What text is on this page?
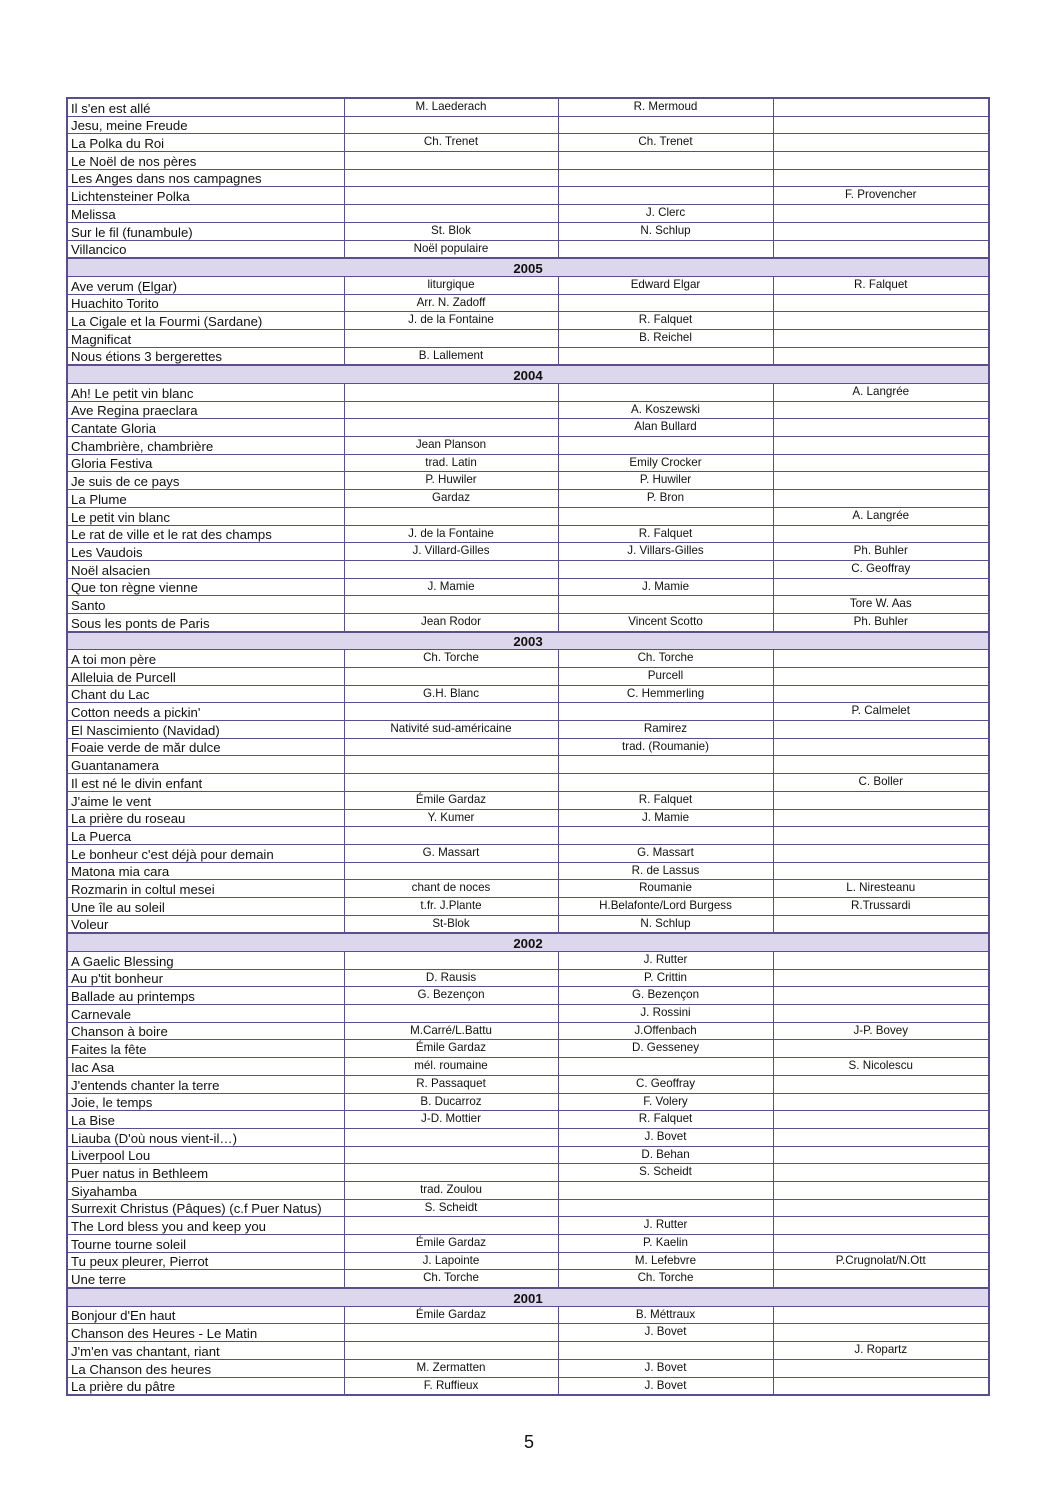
Il s'en est allé	M. Laederach	R. Mermoud	
Jesu, meine Freude			
La Polka du Roi	Ch. Trenet	Ch. Trenet	
Le Noël de nos pères			
Les Anges dans nos campagnes			
Lichtensteiner Polka			F. Provencher
Melissa		J. Clerc	
Sur le fil (funambule)	St. Blok	N. Schlup	
Villancico	Noël populaire		
2005			
Ave verum (Elgar)	liturgique	Edward Elgar	R. Falquet
Huachito Torito	Arr. N. Zadoff		
La Cigale et la Fourmi (Sardane)	J. de la Fontaine	R. Falquet	
Magnificat		B. Reichel	
Nous étions 3 bergerettes	B. Lallement		
2004			
Ah! Le petit vin blanc			A. Langrée
Ave Regina praeclara		A. Koszewski	
Cantate Gloria		Alan Bullard	
Chambrière, chambrière	Jean Planson		
Gloria Festiva	trad. Latin	Emily Crocker	
Je suis de ce pays	P. Huwiler	P. Huwiler	
La Plume	Gardaz	P. Bron	
Le petit vin blanc			A. Langrée
Le rat de ville et le rat des champs	J. de la Fontaine	R. Falquet	
Les Vaudois	J. Villard-Gilles	J. Villars-Gilles	Ph. Buhler
Noël alsacien			C. Geoffray
Que ton règne vienne	J. Mamie	J. Mamie	
Santo			Tore W. Aas
Sous les ponts de Paris	Jean Rodor	Vincent Scotto	Ph. Buhler
2003			
A toi mon père	Ch. Torche	Ch. Torche	
Alleluia de Purcell		Purcell	
Chant du Lac	G.H. Blanc	C. Hemmerling	
Cotton needs a pickin'			P. Calmelet
El Nascimiento (Navidad)	Nativité sud-américaine	Ramirez	
Foaie verde de măr dulce		trad. (Roumanie)	
Guantanamera			
Il est né le divin enfant			C. Boller
J'aime le vent	Émile Gardaz	R. Falquet	
La prière du roseau	Y. Kumer	J. Mamie	
La Puerca			
Le bonheur c'est déjà pour demain	G. Massart	G. Massart	
Matona mia cara		R. de Lassus	
Rozmarin in coltul mesei	chant de noces	Roumanie	L. Niresteanu
Une île au soleil	t.fr. J.Plante	H.Belafonte/Lord Burgess	R.Trussardi
Voleur	St-Blok	N. Schlup	
2002			
A Gaelic Blessing		J. Rutter	
Au p'tit bonheur	D. Rausis	P. Crittin	
Ballade au printemps	G. Bezençon	G. Bezençon	
Carnevale		J. Rossini	
Chanson à boire	M.Carré/L.Battu	J.Offenbach	J-P. Bovey
Faites la fête	Émile Gardaz	D. Gesseney	
Iac Asa	mél. roumaine		S. Nicolescu
J'entends chanter la terre	R. Passaquet	C. Geoffray	
Joie, le temps	B. Ducarroz	F. Volery	
La Bise	J-D. Mottier	R. Falquet	
Liauba (D'où nous vient-il…)		J. Bovet	
Liverpool Lou		D. Behan	
Puer natus in Bethleem		S. Scheidt	
Siyahamba	trad. Zoulou		
Surrexit Christus (Pâques) (c.f Puer Natus)	S. Scheidt		
The Lord bless you and keep you		J. Rutter	
Tourne tourne soleil	Émile Gardaz	P. Kaelin	
Tu peux pleurer, Pierrot	J. Lapointe	M. Lefebvre	P.Crugnolat/N.Ott
Une terre	Ch. Torche	Ch. Torche	
2001			
Bonjour d'En haut	Émile Gardaz	B. Méttraux	
Chanson des Heures - Le Matin		J. Bovet	
J'm'en vas chantant, riant			J. Ropartz
La Chanson des heures	M. Zermatten	J. Bovet	
La prière du pâtre	F. Ruffieux	J. Bovet	
5
